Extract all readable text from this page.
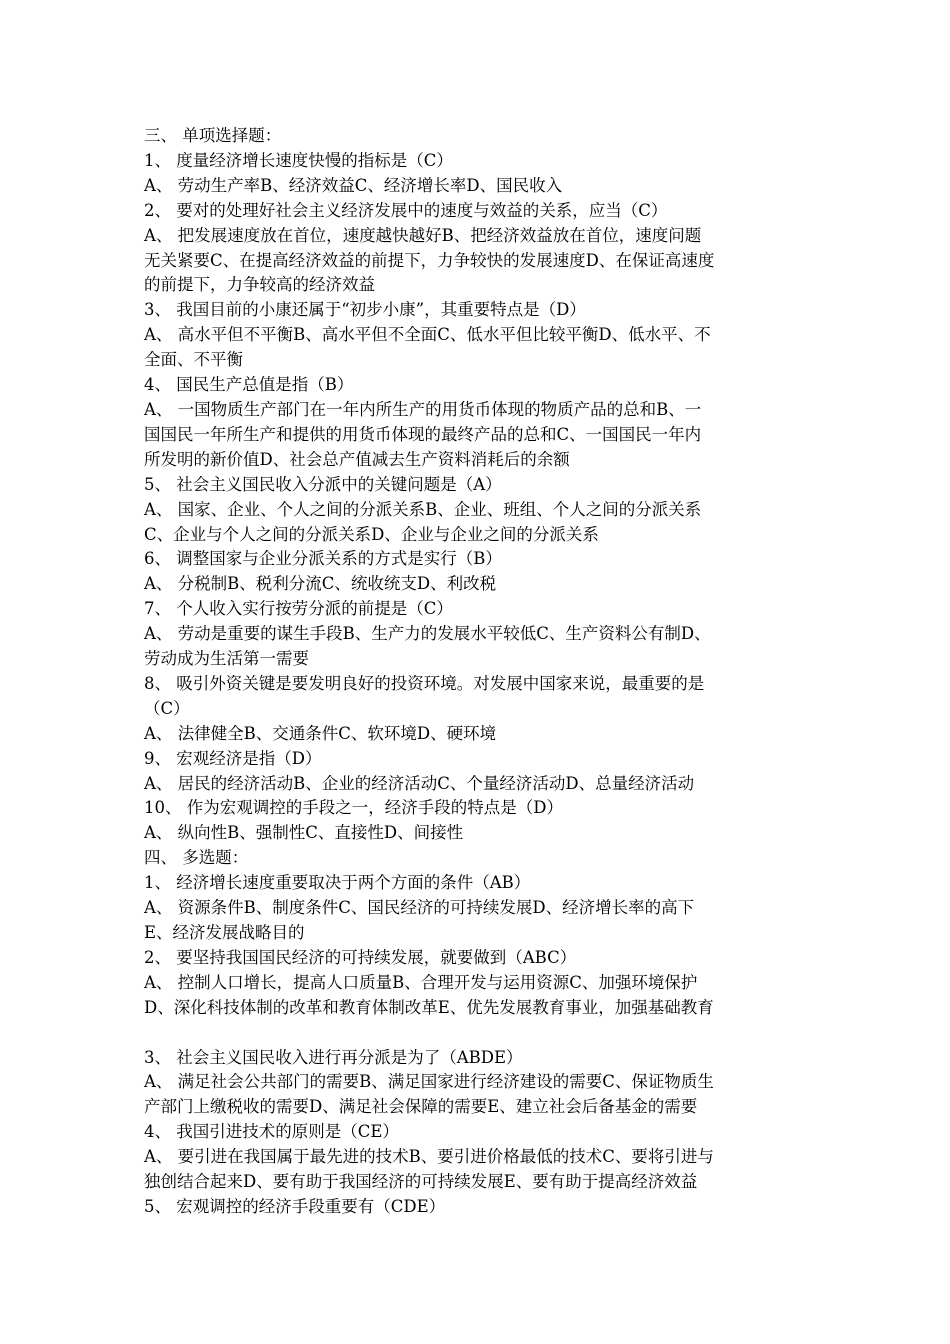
三、 单项选择题：
1、 度量经济增长速度快慢的指标是（C）
A、 劳动生产率B、经济效益C、经济增长率D、国民收入
2、 要对的处理好社会主义经济发展中的速度与效益的关系，应当（C）
A、 把发展速度放在首位，速度越快越好B、把经济效益放在首位，速度问题
无关紧要C、在提高经济效益的前提下，力争较快的发展速度D、在保证高速度
的前提下，力争较高的经济效益
3、 我国目前的小康还属于“初步小康”，其重要特点是（D）
A、 高水平但不平衡B、高水平但不全面C、低水平但比较平衡D、低水平、不
全面、不平衡
4、 国民生产总值是指（B）
A、 一国物质生产部门在一年内所生产的用货币体现的物质产品的总和B、一
国国民一年所生产和提供的用货币体现的最终产品的总和C、一国国民一年内
所发明的新价值D、社会总产值减去生产资料消耗后的余额
5、 社会主义国民收入分派中的关键问题是（A）
A、 国家、企业、个人之间的分派关系B、企业、班组、个人之间的分派关系
C、企业与个人之间的分派关系D、企业与企业之间的分派关系
6、 调整国家与企业分派关系的方式是实行（B）
A、 分税制B、税利分流C、统收统支D、利改税
7、 个人收入实行按劳分派的前提是（C）
A、 劳动是重要的谋生手段B、生产力的发展水平较低C、生产资料公有制D、
劳动成为生活第一需要
8、 吸引外资关键是要发明良好的投资环境。对发展中国家来说，最重要的是
（C）
A、 法律健全B、交通条件C、软环境D、硬环境
9、 宏观经济是指（D）
A、 居民的经济活动B、企业的经济活动C、个量经济活动D、总量经济活动
10、 作为宏观调控的手段之一，经济手段的特点是（D）
A、 纵向性B、强制性C、直接性D、间接性
四、 多选题：
1、 经济增长速度重要取决于两个方面的条件（AB）
A、 资源条件B、制度条件C、国民经济的可持续发展D、经济增长率的高下
E、经济发展战略目的
2、 要坚持我国国民经济的可持续发展，就要做到（ABC）
A、 控制人口增长，提高人口质量B、合理开发与运用资源C、加强环境保护
D、深化科技体制的改革和教育体制改革E、优先发展教育事业，加强基础教育
3、 社会主义国民收入进行再分派是为了（ABDE）
A、 满足社会公共部门的需要B、满足国家进行经济建设的需要C、保证物质生
产部门上缴税收的需要D、满足社会保障的需要E、建立社会后备基金的需要
4、 我国引进技术的原则是（CE）
A、 要引进在我国属于最先进的技术B、要引进价格最低的技术C、要将引进与
独创结合起来D、要有助于我国经济的可持续发展E、要有助于提高经济效益
5、 宏观调控的经济手段重要有（CDE）
